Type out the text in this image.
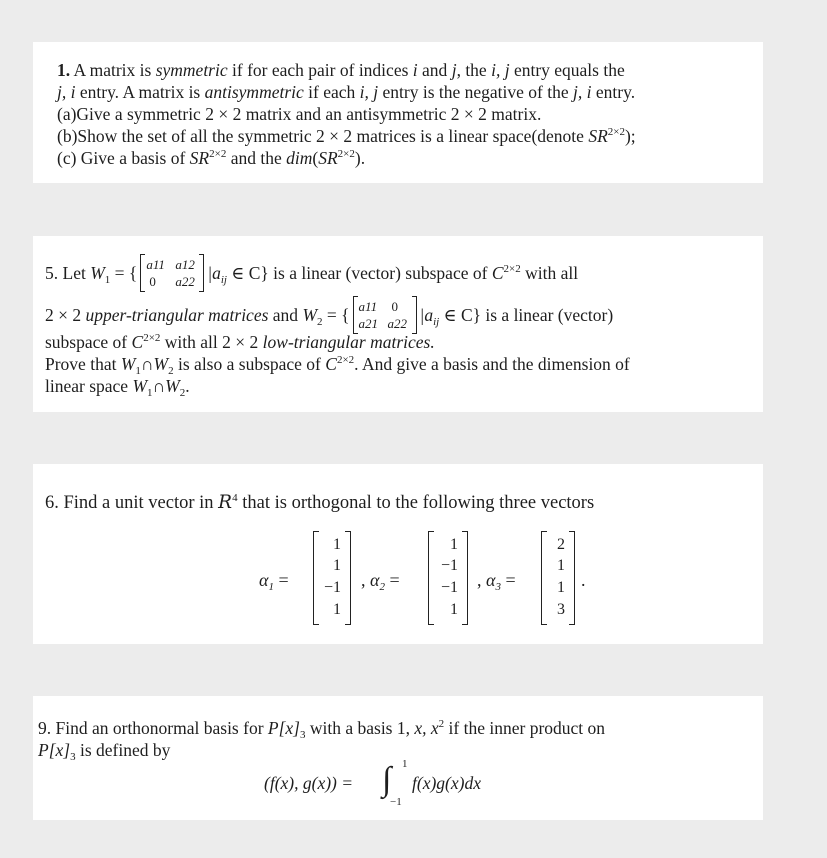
1. A matrix is symmetric if for each pair of indices i and j, the i, j entry equals the
j, i entry. A matrix is antisymmetric if each i, j entry is the negative of the j, i entry.
(a)Give a symmetric 2 × 2 matrix and an antisymmetric 2 × 2 matrix.
(b)Show the set of all the symmetric 2 × 2 matrices is a linear space(denote $SR^{2\times 2}$);
(c) Give a basis of $SR^{2\times 2}$ and the $dim(SR^{2\times 2})$.
5. Let $W_1$ = { a11 a12
0 a22 $|a_{ij}$ ∈ C} is a linear (vector) subspace of $C^{2\times 2}$ with all
2 × 2 upper-triangular matrices and $W_2$ = { a11 0
a21 a22 $|a_{ij}$ ∈ C} is a linear (vector)
subspace of $C^{2\times 2}$ with all 2 × 2 low-triangular matrices.
Prove that $W_1\cap W_2$ is also a subspace of $C^{2\times 2}$. And give a basis and the dimension of
linear space $W_1\cap W_2$.
6. Find a unit vector in $R^4$ that is orthogonal to the following three vectors
$\alpha_1$ =
1
1
−1
1
, $\alpha_2$ =
1
−1
−1
1
, $\alpha_3$ =
2
1
1
3
.
9. Find an orthonormal basis for $P[x]_3$ with a basis 1, x, $x^2$ if the inner product on
$P[x]_3$ is defined by
(f(x), g(x)) = ∫ 1
−1
f(x)g(x)dx
